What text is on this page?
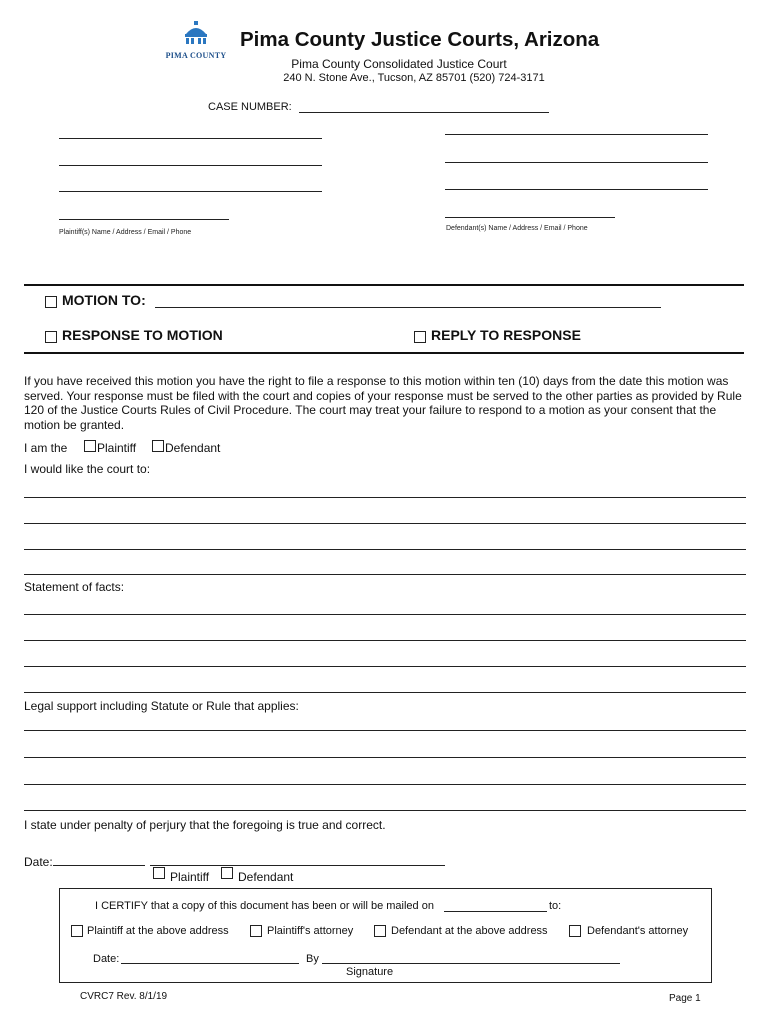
PIMA COUNTY
Pima County Justice Courts, Arizona
Pima County Consolidated Justice Court
240 N. Stone Ave., Tucson, AZ 85701 (520) 724-3171
CASE NUMBER:
Plaintiff(s) Name / Address / Email / Phone
Defendant(s) Name / Address / Email / Phone
MOTION TO:
RESPONSE TO MOTION	REPLY TO RESPONSE
If you have received this motion you have the right to file a response to this motion within ten (10) days from the date this motion was served. Your response must be filed with the court and copies of your response must be served to the other parties as provided by Rule 120 of the Justice Courts Rules of Civil Procedure. The court may treat your failure to respond to a motion as your consent that the motion be granted.
I am the Plaintiff Defendant
I would like the court to:
Statement of facts:
Legal support including Statute or Rule that applies:
I state under penalty of perjury that the foregoing is true and correct.
Date:
Plaintiff Defendant
I CERTIFY that a copy of this document has been or will be mailed on	to:
Plaintiff at the above address	Plaintiff's attorney	Defendant at the above address	Defendant's attorney
Date:	By
Signature
CVRC7 Rev. 8/1/19	Page 1
